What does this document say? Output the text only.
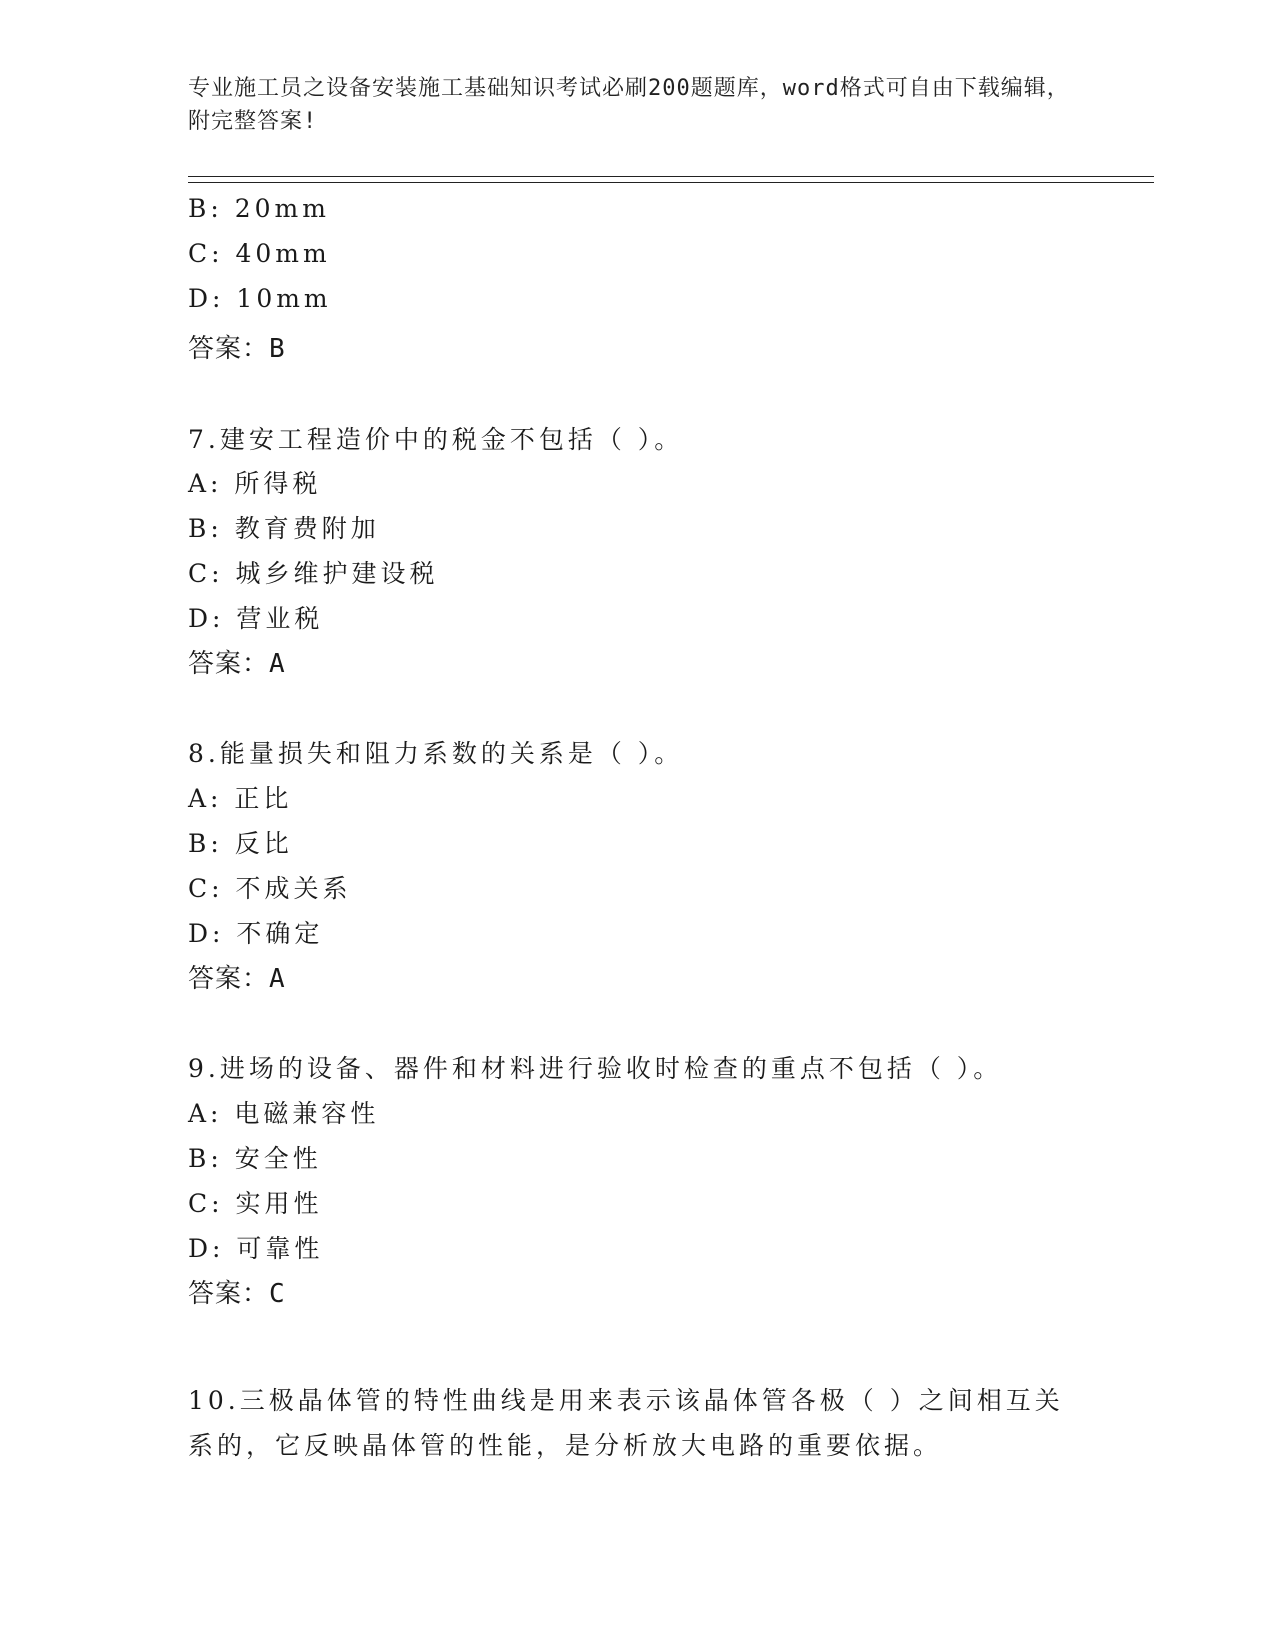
专业施工员之设备安装施工基础知识考试必刷200题题库，word格式可自由下载编辑，附完整答案!
B: 20mm
C: 40mm
D: 10mm
答案：B
7.建安工程造价中的税金不包括（ ）。
A: 所得税
B: 教育费附加
C: 城乡维护建设税
D: 营业税
答案：A
8.能量损失和阻力系数的关系是（ ）。
A: 正比
B: 反比
C: 不成关系
D: 不确定
答案：A
9.进场的设备、器件和材料进行验收时检查的重点不包括（ ）。
A: 电磁兼容性
B: 安全性
C: 实用性
D: 可靠性
答案：C
10.三极晶体管的特性曲线是用来表示该晶体管各极（ ）之间相互关系的，它反映晶体管的性能，是分析放大电路的重要依据。
